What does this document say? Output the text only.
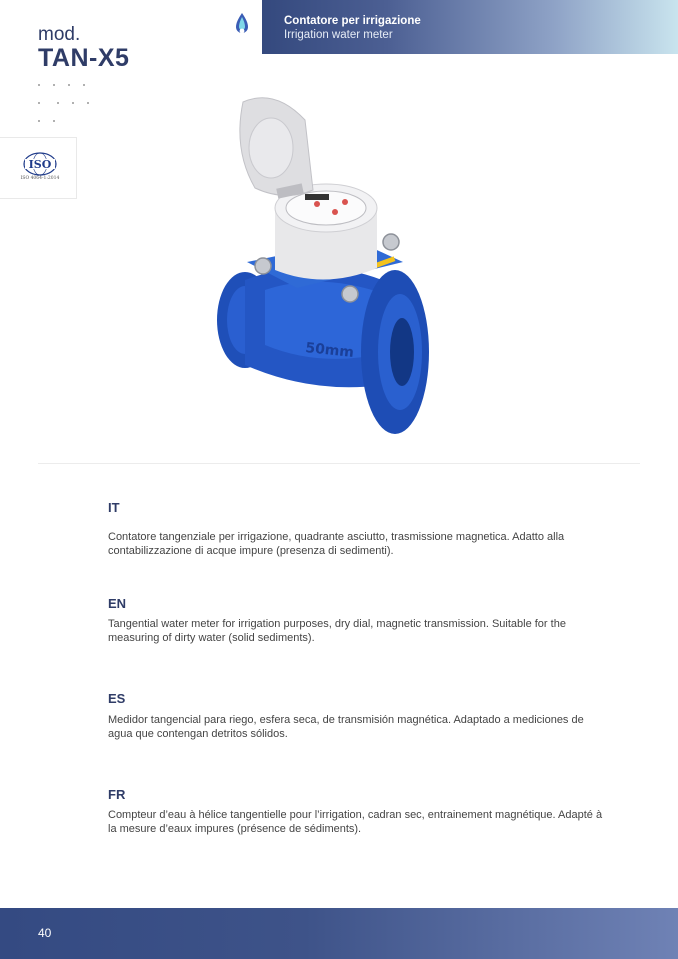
mod.
TAN-X5

Contatore per irrigazione
Irrigation water meter
ISO
ISO 4064-1:2014
50mm
IT
Contatore tangenziale per irrigazione, quadrante asciutto, trasmissione magnetica. Adatto alla contabilizzazione di acque impure (presenza di sedimenti).
EN
Tangential water meter for irrigation purposes, dry dial, magnetic transmission. Suitable for the measuring of dirty water (solid sediments).
ES
Medidor tangencial para riego, esfera seca, de transmisión magnética. Adaptado a mediciones de agua que contengan detritos sólidos.
FR
Compteur d’eau à hélice tangentielle pour l’irrigation, cadran sec, entrainement magnétique. Adapté à la mesure d’eaux impures (présence de sédiments).
40
